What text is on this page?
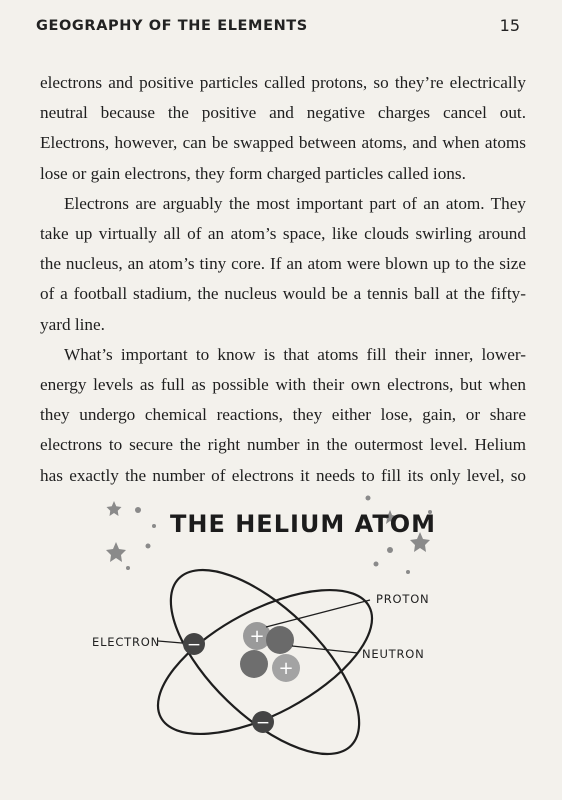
GEOGRAPHY OF THE ELEMENTS	15

electrons and positive particles called protons, so they’re electrically neutral because the positive and negative charges cancel out. Electrons, however, can be swapped between atoms, and when atoms lose or gain electrons, they form charged particles called ions.

Electrons are arguably the most important part of an atom. They take up virtually all of an atom’s space, like clouds swirling around the nucleus, an atom’s tiny core. If an atom were blown up to the size of a football stadium, the nucleus would be a tennis ball at the fifty-yard line.

What’s important to know is that atoms fill their inner, lower-energy levels as full as possible with their own electrons, but when they undergo chemical reactions, they either lose, gain, or share electrons to secure the right number in the outermost level. Helium has exactly the number of electrons it needs to fill its only level, so

+
+
−
−
THE HELIUM ATOM
PROTON
NEUTRON
ELECTRON
